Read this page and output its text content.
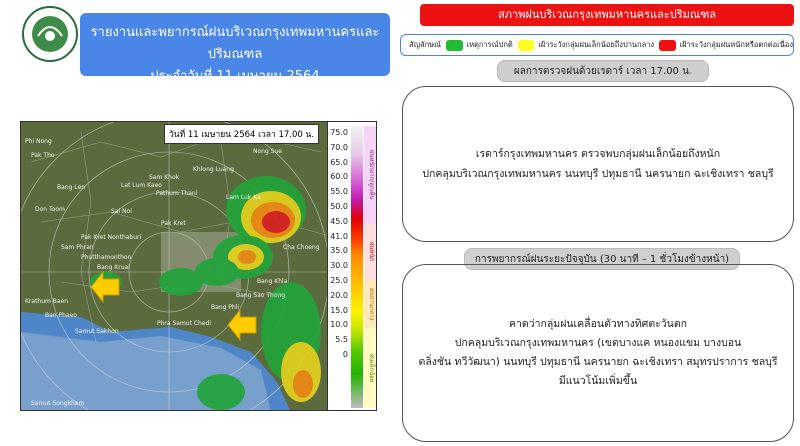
รายงานและพยากรณ์ฝนบริเวณกรุงเทพมหานครและปริมณฑล
ประจำวันที่ 11 เมษายน 2564
สภาพฝนบริเวณกรุงเทพมหานครและปริมณฑล
สัญลักษณ์	เหตุการณ์ปกติ	เฝ้าระวังกลุ่มฝนเล็กน้อยถึงปานกลาง	เฝ้าระวังกลุ่มฝนหนักหรือตกต่อเนื่อง
ผลการตรวจฝนด้วยเรดาร์ เวลา 17.00 น.
เรดาร์กรุงเทพมหานคร ตรวจพบกลุ่มฝนเล็กน้อยถึงหนัก
ปกคลุมบริเวณกรุงเทพมหานคร นนทบุรี ปทุมธานี นครนายก ฉะเชิงเทรา ชลบุรี
การพยากรณ์ฝนระยะปัจจุบัน (30 นาที – 1 ชั่วโมงข้างหน้า)
คาดว่ากลุ่มฝนเคลื่อนตัวทางทิศตะวันตก
ปกคลุมบริเวณกรุงเทพมหานคร (เขตบางแค หนองแขม บางบอน
ตลิ่งชัน ทวีวัฒนา) นนทบุรี ปทุมธานี นครนายก ฉะเชิงเทรา สมุทรปราการ ชลบุรี
มีแนวโน้มเพิ่มขึ้น
Phi Nong
Pak Tho
Khlong Luang
Nong Sue
Sam Khok
Lat Lum Kaeo
Pathum Thani
Lam Luk Ka
Bang Len
Don Toom	Sai Noi
Pak Kret
Pak Kret Nonthaburi
Phutthamonthon
Bang Kruai
Sam Phran
Krathum Baen
Bang Phli
Bang Sao Thong
Phra Samut Chedi
Ban Phaeo
Bang Khla
Cha Choeng
Samut Sakhon
Samut Songkham
วันที่ 11 เมษายน 2564 เวลา 17.00 น.	75.0
70.0
65.0
60.0
55.0
50.0
45.0
41.0
35.0
30.0
25.0
20.0
15.0
10.0
5.5
0
ฝนหนักมาก/ลูกเห็บ
ฝนหนัก
ฝนปานกลาง
ฝนเล็กน้อย
